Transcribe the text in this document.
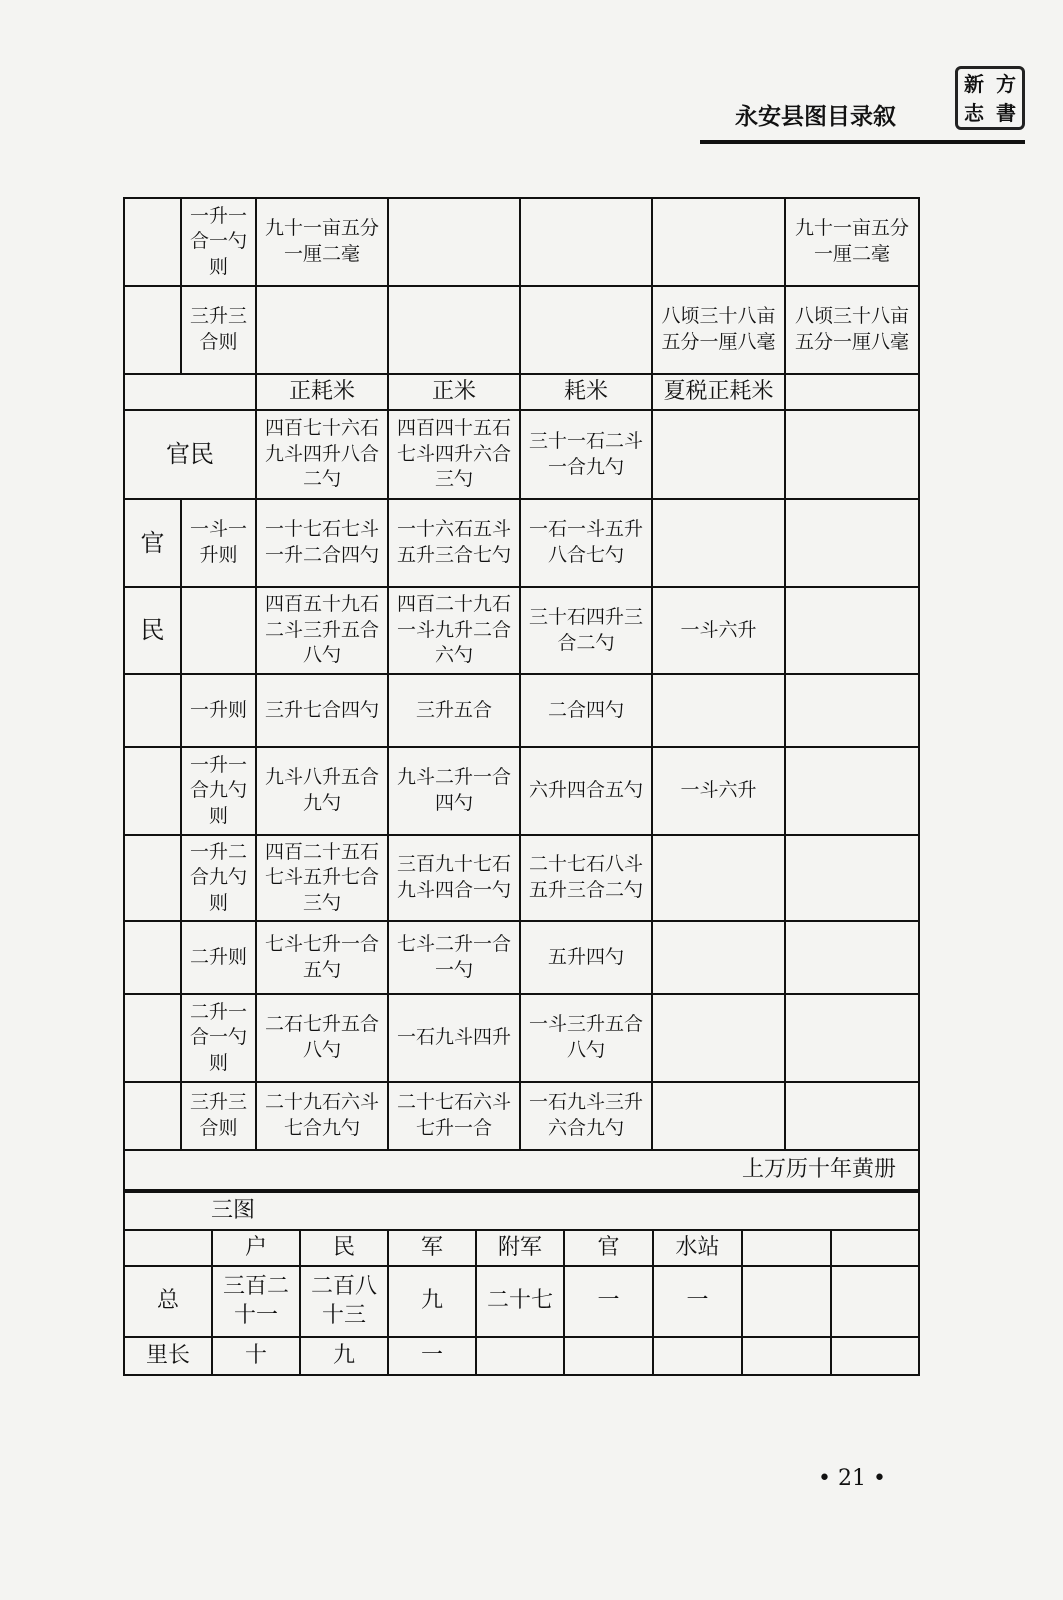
永安县图目录叙
新 方
志 書
	一升一合一勺则	九十一亩五分一厘二毫				九十一亩五分一厘二毫
	三升三合则				八顷三十八亩五分一厘八毫	八顷三十八亩五分一厘八毫
		正耗米	正米	耗米	夏税正耗米	
官民		四百七十六石九斗四升八合二勺	四百四十五石七斗四升六合三勺	三十一石二斗一合九勺		
官	一斗一升则	一十七石七斗一升二合四勺	一十六石五斗五升三合七勺	一石一斗五升八合七勺		
民		四百五十九石二斗三升五合八勺	四百二十九石一斗九升二合六勺	三十石四升三合二勺	一斗六升	
	一升则	三升七合四勺	三升五合	二合四勺		
	一升一合九勺则	九斗八升五合九勺	九斗二升一合四勺	六升四合五勺	一斗六升	
	一升二合九勺则	四百二十五石七斗五升七合三勺	三百九十七石九斗四合一勺	二十七石八斗五升三合二勺		
	二升则	七斗七升一合五勺	七斗二升一合一勺	五升四勺		
	二升一合一勺则	二石七升五合八勺	一石九斗四升	一斗三升五合八勺		
	三升三合则	二十九石六斗七合九勺	二十七石六斗七升一合	一石九斗三升六合九勺		
上万历十年黄册						
三图								
	户	民	军	附军	官	水站		
总	三百二十一	二百八十三	九	二十七	一	一		
里长	十	九	一					
• 21 •
